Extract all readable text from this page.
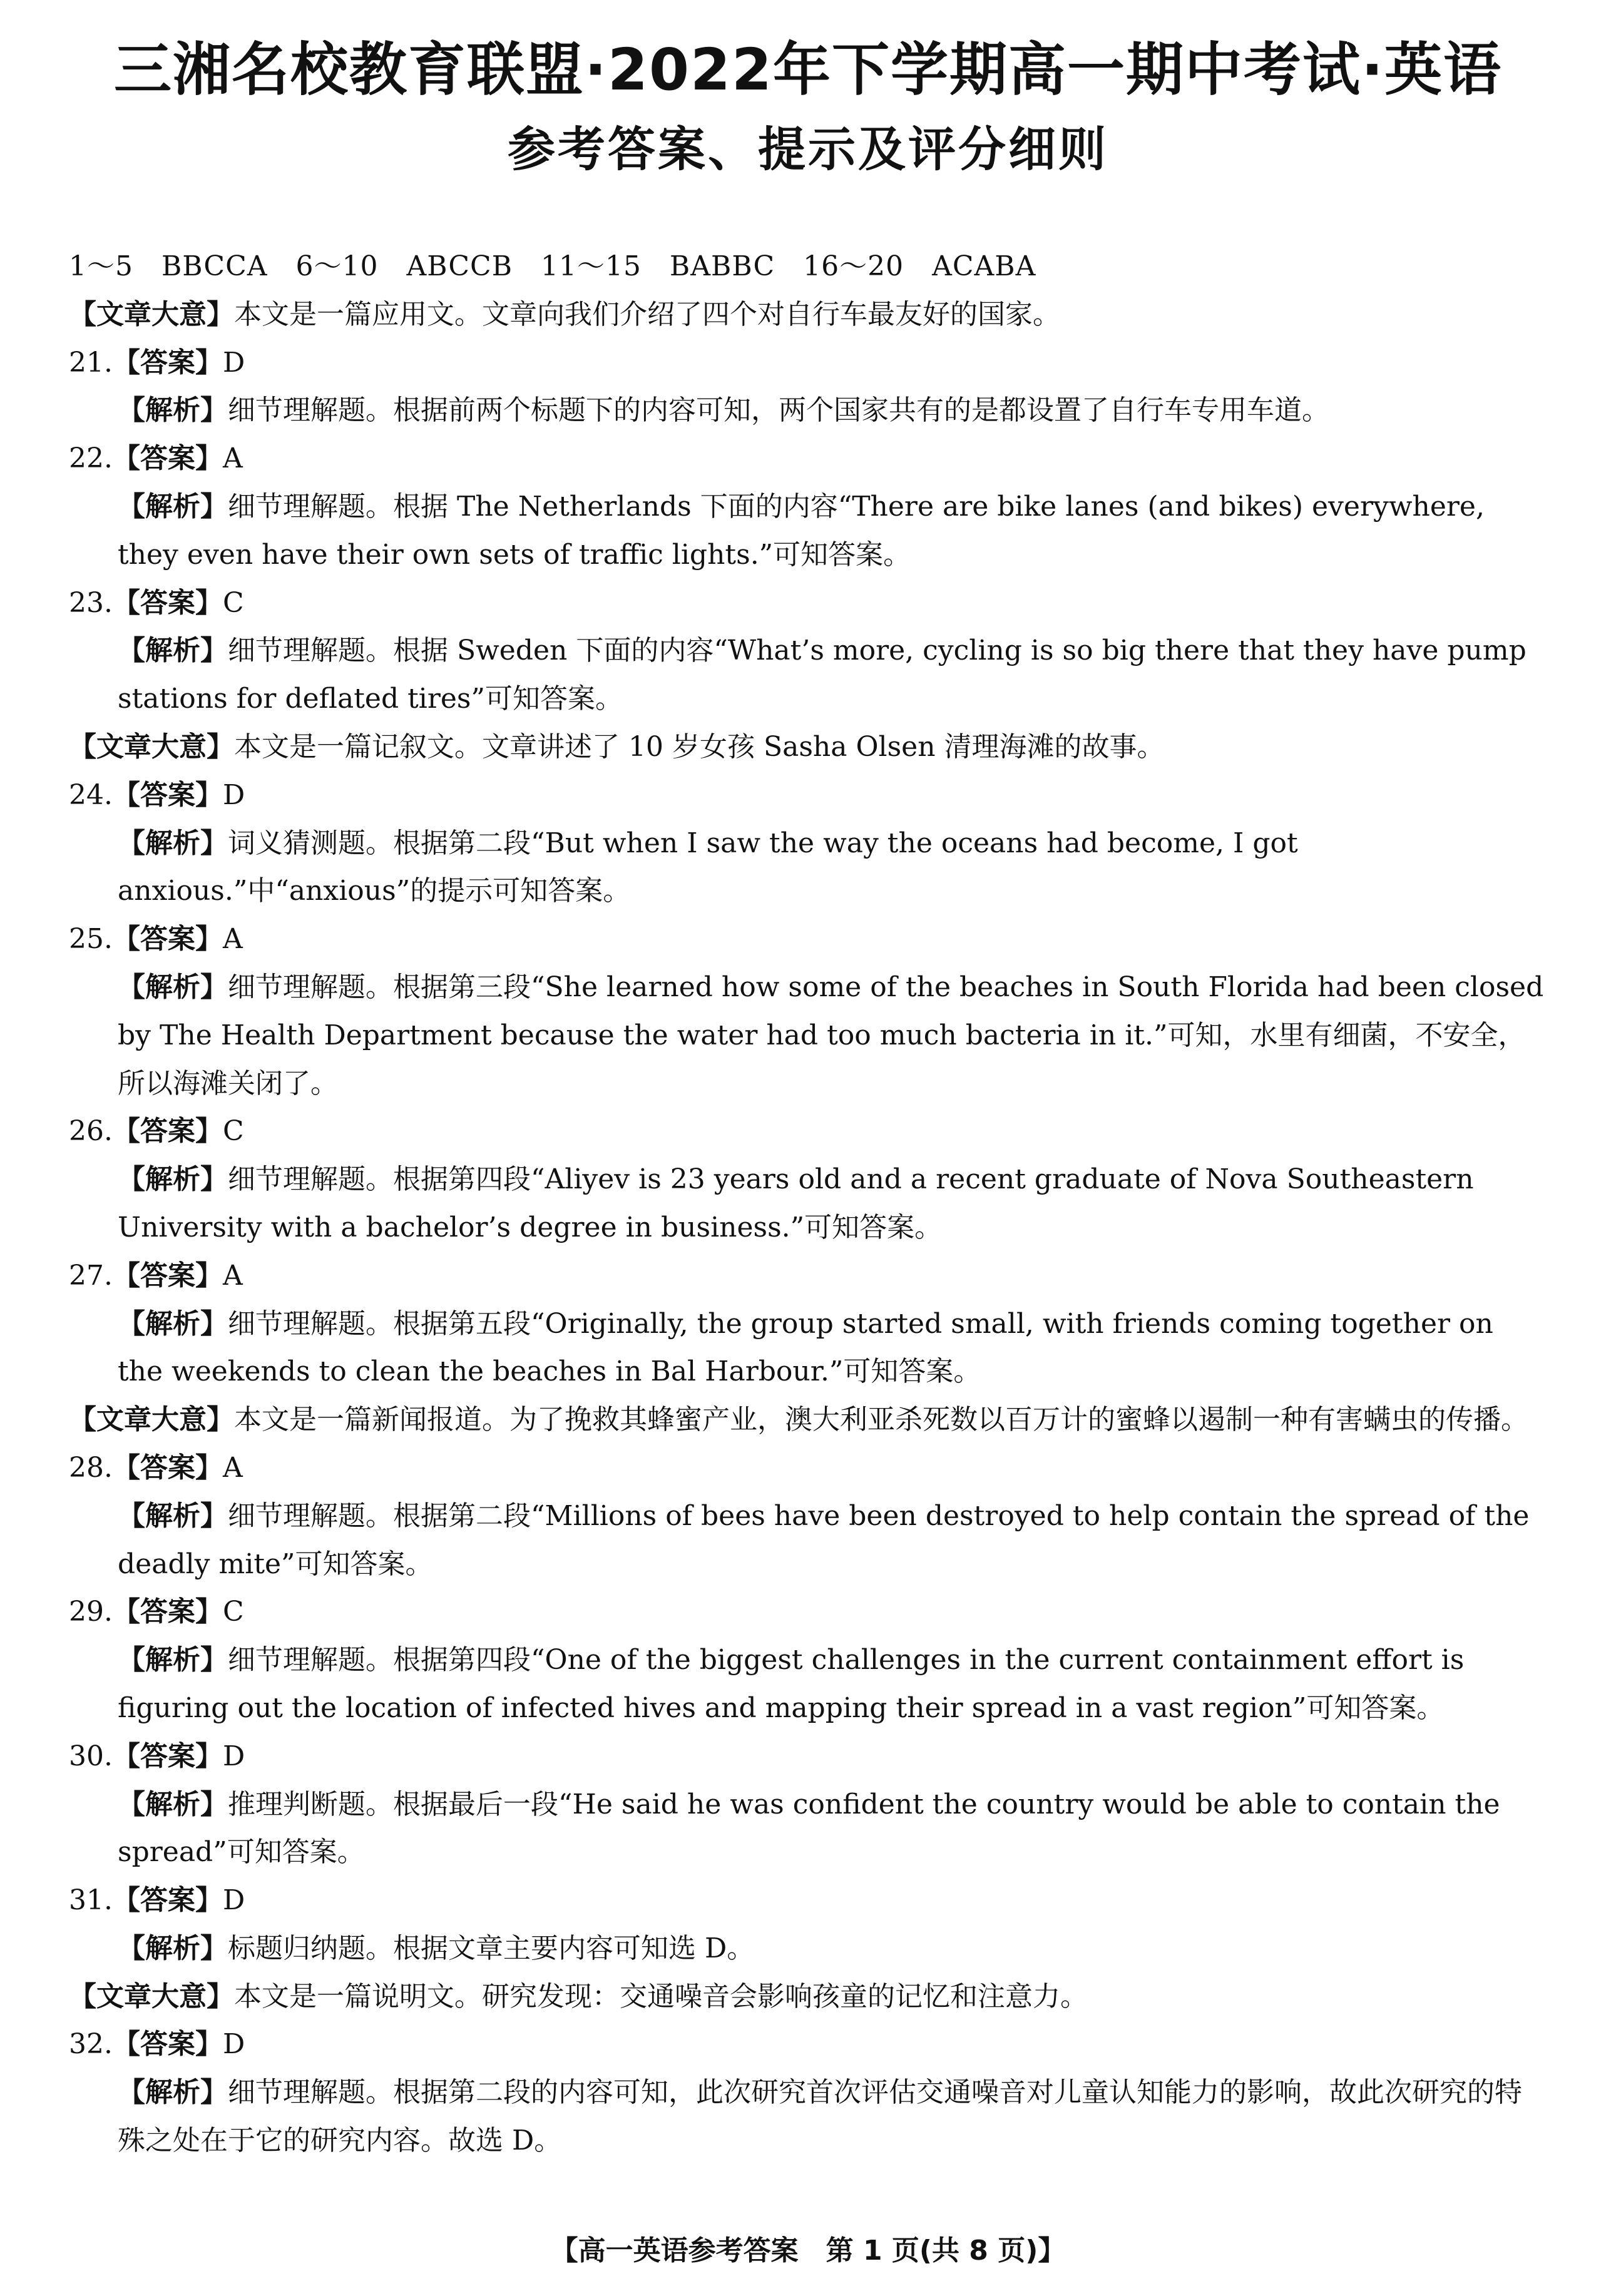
三湘名校教育联盟·2022年下学期高一期中考试·英语
参考答案、提示及评分细则
1～5   BBCCA   6～10   ABCCB   11～15   BABBC   16～20   ACABA
【文章大意】本文是一篇应用文。文章向我们介绍了四个对自行车最友好的国家。
21.【答案】D
【解析】细节理解题。根据前两个标题下的内容可知，两个国家共有的是都设置了自行车专用车道。
22.【答案】A
【解析】细节理解题。根据 The Netherlands 下面的内容“There are bike lanes (and bikes) everywhere, they even have their own sets of traffic lights.”可知答案。
23.【答案】C
【解析】细节理解题。根据 Sweden 下面的内容“What’s more, cycling is so big there that they have pump stations for deflated tires”可知答案。
【文章大意】本文是一篇记叙文。文章讲述了 10 岁女孩 Sasha Olsen 清理海滩的故事。
24.【答案】D
【解析】词义猜测题。根据第二段“But when I saw the way the oceans had become, I got anxious.”中“anxious”的提示可知答案。
25.【答案】A
【解析】细节理解题。根据第三段“She learned how some of the beaches in South Florida had been closed by The Health Department because the water had too much bacteria in it.”可知，水里有细菌，不安全，所以海滩关闭了。
26.【答案】C
【解析】细节理解题。根据第四段“Aliyev is 23 years old and a recent graduate of Nova Southeastern University with a bachelor’s degree in business.”可知答案。
27.【答案】A
【解析】细节理解题。根据第五段“Originally, the group started small, with friends coming together on the weekends to clean the beaches in Bal Harbour.”可知答案。
【文章大意】本文是一篇新闻报道。为了挽救其蜂蜜产业，澳大利亚杀死数以百万计的蜜蜂以遏制一种有害螨虫的传播。
28.【答案】A
【解析】细节理解题。根据第二段“Millions of bees have been destroyed to help contain the spread of the deadly mite”可知答案。
29.【答案】C
【解析】细节理解题。根据第四段“One of the biggest challenges in the current containment effort is figuring out the location of infected hives and mapping their spread in a vast region”可知答案。
30.【答案】D
【解析】推理判断题。根据最后一段“He said he was confident the country would be able to contain the spread”可知答案。
31.【答案】D
【解析】标题归纳题。根据文章主要内容可知选 D。
【文章大意】本文是一篇说明文。研究发现：交通噪音会影响孩童的记忆和注意力。
32.【答案】D
【解析】细节理解题。根据第二段的内容可知，此次研究首次评估交通噪音对儿童认知能力的影响，故此次研究的特殊之处在于它的研究内容。故选 D。
【高一英语参考答案　第 1 页(共 8 页)】
